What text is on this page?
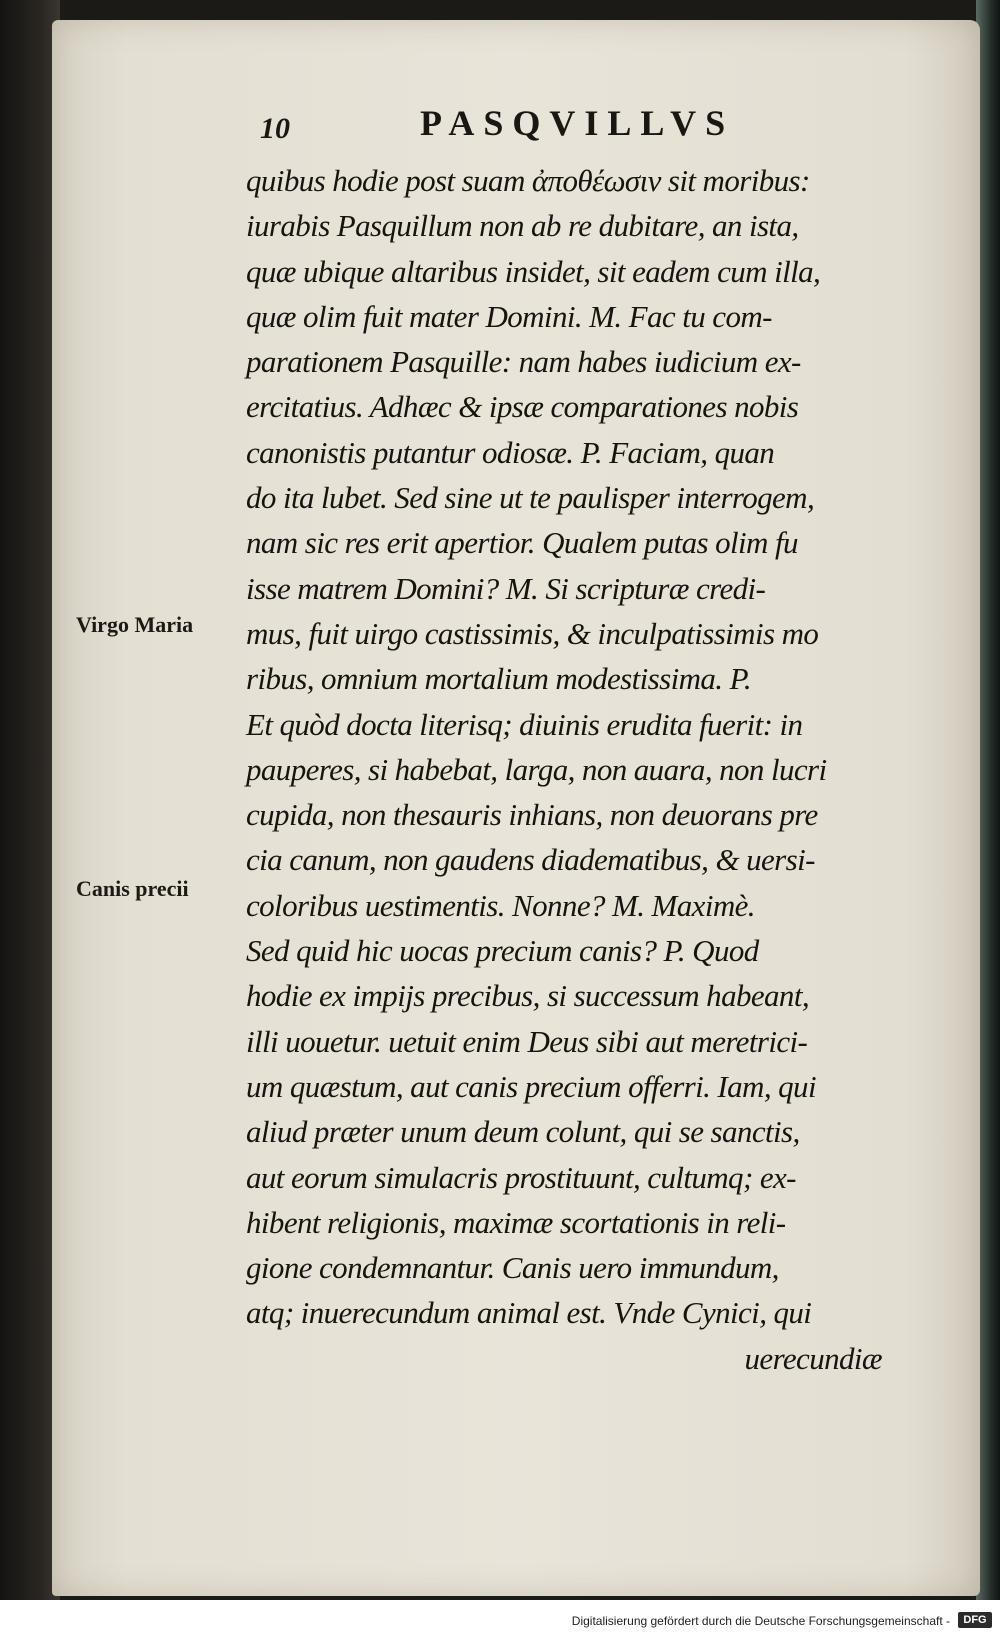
10	PASQVILLVS
Virgo Maria
Canis precii
quibus hodie post suam ἀποθέωσιν sit moribus:
iurabis Pasquillum non ab re dubitare, an ista,
quæ ubique altaribus insidet, sit eadem cum illa,
quæ olim fuit mater Domini. M. Fac tu com-
parationem Pasquille: nam habes iudicium ex-
ercitatius. Adhæc & ipsæ comparationes nobis
canonistis putantur odiosæ. P. Faciam, quan
do ita lubet. Sed sine ut te paulisper interrogem,
nam sic res erit apertior. Qualem putas olim fu
isse matrem Domini? M. Si scripturæ credi-
mus, fuit uirgo castissimis, & inculpatissimis mo
ribus, omnium mortalium modestissima. P.
Et quòd docta literisq; diuinis erudita fuerit: in
pauperes, si habebat, larga, non auara, non lucri
cupida, non thesauris inhians, non deuorans pre
cia canum, non gaudens diadematibus, & uersi-
coloribus uestimentis. Nonne? M. Maximè.
Sed quid hic uocas precium canis? P. Quod
hodie ex impijs precibus, si successum habeant,
illi uouetur. uetuit enim Deus sibi aut meretrici-
um quæstum, aut canis precium offerri. Iam, qui
aliud præter unum deum colunt, qui se sanctis,
aut eorum simulacris prostituunt, cultumq; ex-
hibent religionis, maximæ scortationis in reli-
gione condemnantur. Canis uero immundum,
atq; inuerecundum animal est. Vnde Cynici, qui
uerecundiæ
Digitalisierung gefördert durch die Deutsche Forschungsgemeinschaft -	DFG
